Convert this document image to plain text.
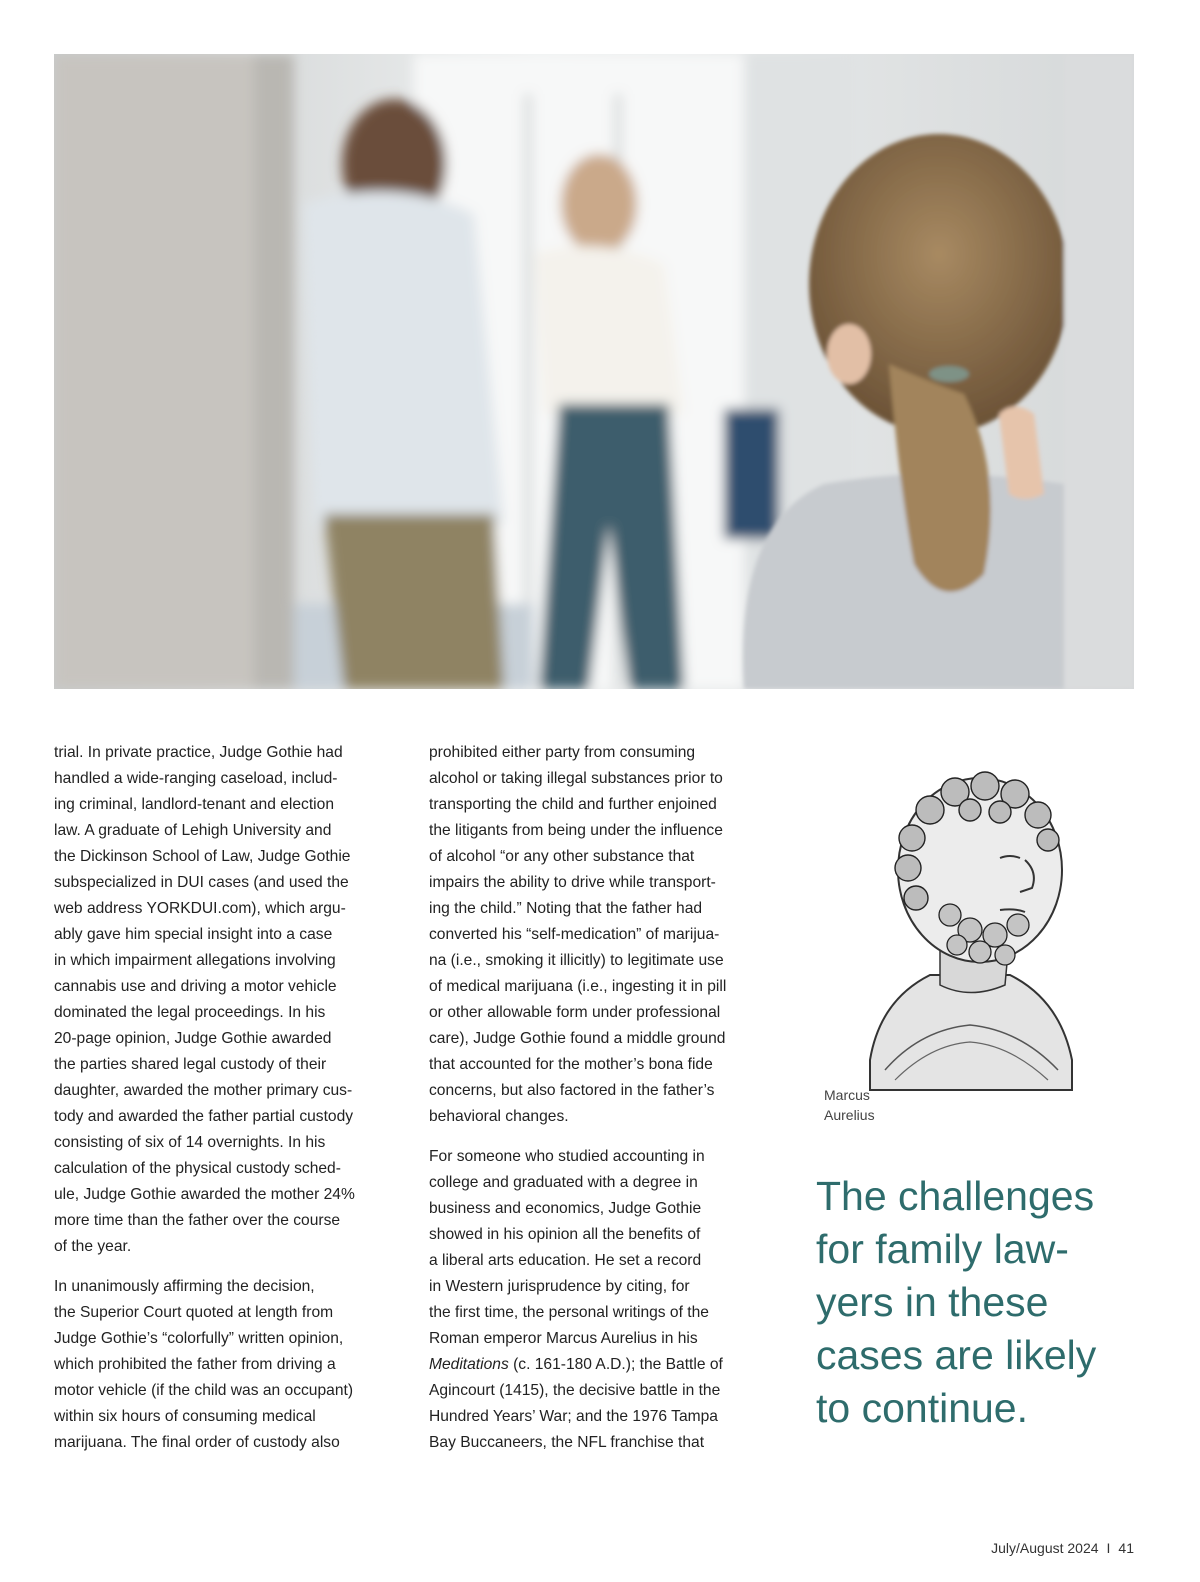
trial. In private practice, Judge Gothie had
handled a wide-ranging caseload, includ-
ing criminal, landlord-tenant and election
law. A graduate of Lehigh University and
the Dickinson School of Law, Judge Gothie
subspecialized in DUI cases (and used the
web address YORKDUI.com), which argu-
ably gave him special insight into a case
in which impairment allegations involving
cannabis use and driving a motor vehicle
dominated the legal proceedings. In his
20-page opinion, Judge Gothie awarded
the parties shared legal custody of their
daughter, awarded the mother primary cus-
tody and awarded the father partial custody
consisting of six of 14 overnights. In his
calculation of the physical custody sched-
ule, Judge Gothie awarded the mother 24%
more time than the father over the course
of the year.

In unanimously affirming the decision,
the Superior Court quoted at length from
Judge Gothie’s “colorfully” written opinion,
which prohibited the father from driving a
motor vehicle (if the child was an occupant)
within six hours of consuming medical
marijuana. The final order of custody also

prohibited either party from consuming
alcohol or taking illegal substances prior to
transporting the child and further enjoined
the litigants from being under the influence
of alcohol “or any other substance that
impairs the ability to drive while transport-
ing the child.” Noting that the father had
converted his “self-medication” of marijua-
na (i.e., smoking it illicitly) to legitimate use
of medical marijuana (i.e., ingesting it in pill
or other allowable form under professional
care), Judge Gothie found a middle ground
that accounted for the mother’s bona fide
concerns, but also factored in the father’s
behavioral changes.

For someone who studied accounting in
college and graduated with a degree in
business and economics, Judge Gothie
showed in his opinion all the benefits of
a liberal arts education. He set a record
in Western jurisprudence by citing, for
the first time, the personal writings of the
Roman emperor Marcus Aurelius in his
Meditations (c. 161-180 A.D.); the Battle of
Agincourt (1415), the decisive battle in the
Hundred Years’ War; and the 1976 Tampa
Bay Buccaneers, the NFL franchise that

Marcus
Aurelius
The challenges
for family law-
yers in these
cases are likely
to continue.
July/August 2024 I 41
